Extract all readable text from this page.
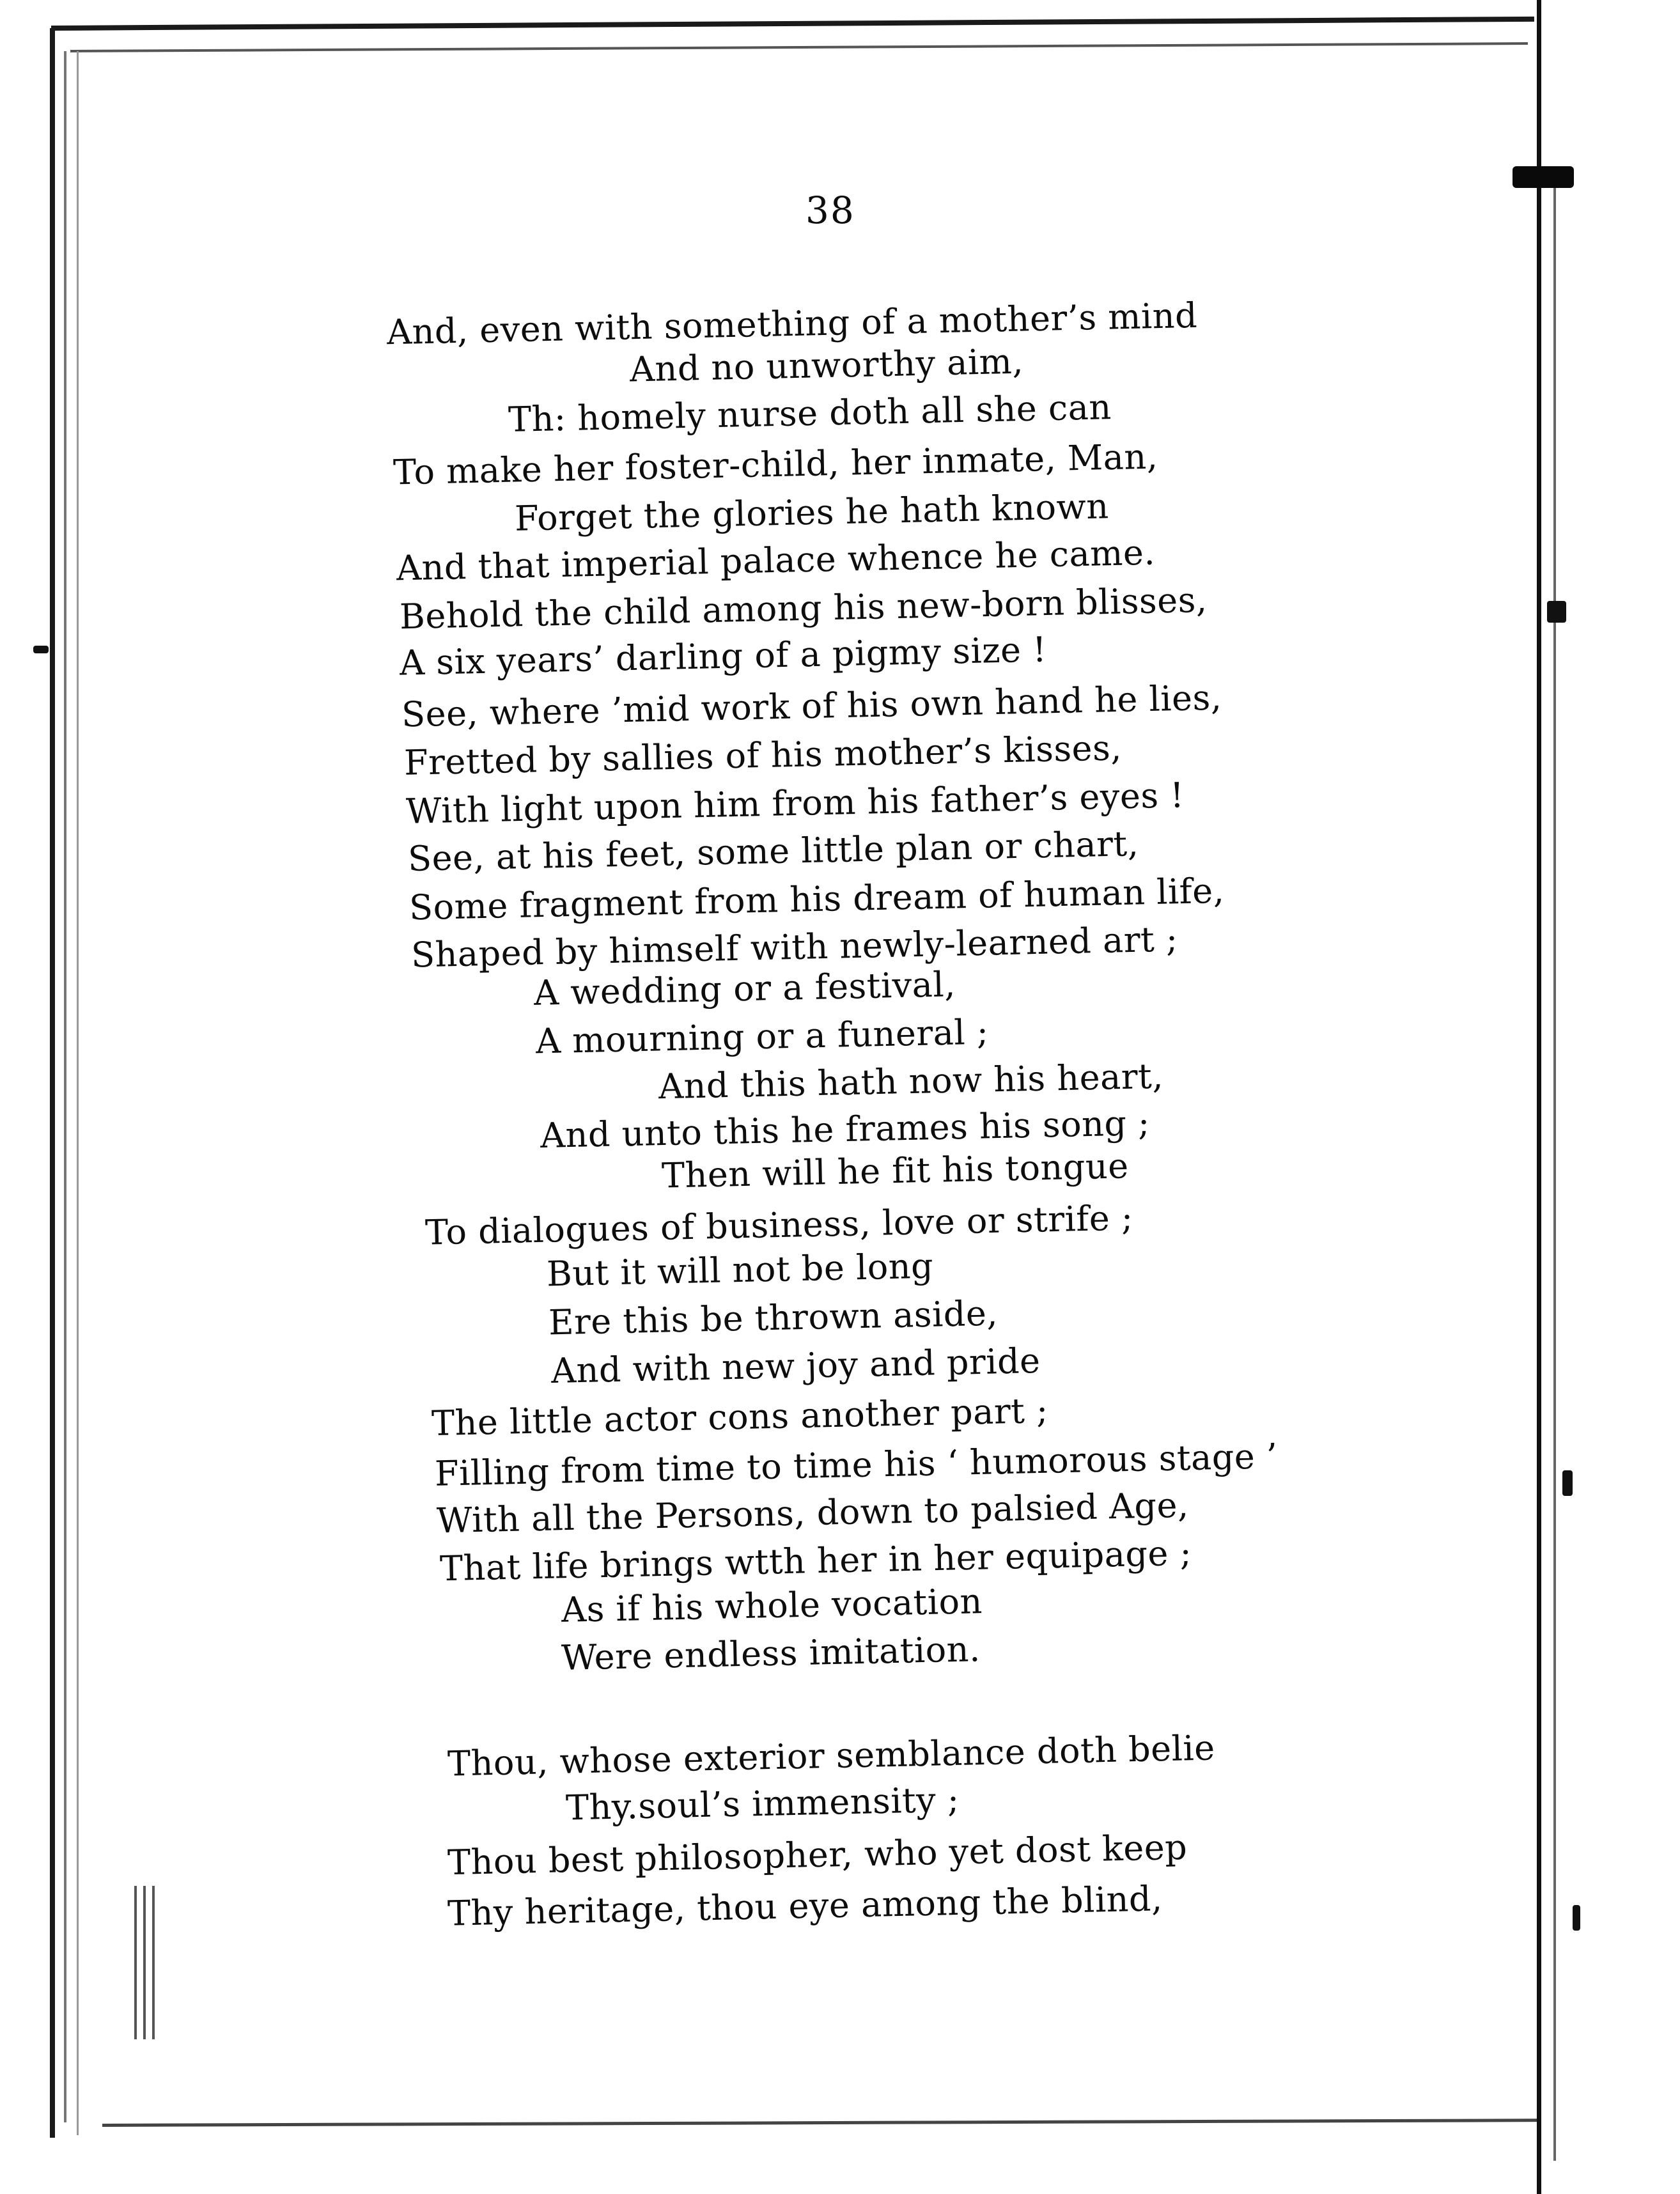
38
And, even with something of a mother’s mind
And no unworthy aim,
Th: homely nurse doth all she can
To make her foster-child, her inmate, Man,
Forget the glories he hath known
And that imperial palace whence he came.
Behold the child among his new-born blisses,
A six years’ darling of a pigmy size !
See, where ’mid work of his own hand he lies,
Fretted by sallies of his mother’s kisses,
With light upon him from his father’s eyes !
See, at his feet, some little plan or chart,
Some fragment from his dream of human life,
Shaped by himself with newly-learned art ;
A wedding or a festival,
A mourning or a funeral ;
And this hath now his heart,
And unto this he frames his song ;
Then will he fit his tongue
To dialogues of business, love or strife ;
But it will not be long
Ere this be thrown aside,
And with new joy and pride
The little actor cons another part ;
Filling from time to time his ‘ humorous stage ’
With all the Persons, down to palsied Age,
That life brings wtth her in her equipage ;
As if his whole vocation
Were endless imitation.
Thou, whose exterior semblance doth belie
Thy.soul’s immensity ;
Thou best philosopher, who yet dost keep
Thy heritage, thou eye among the blind,
